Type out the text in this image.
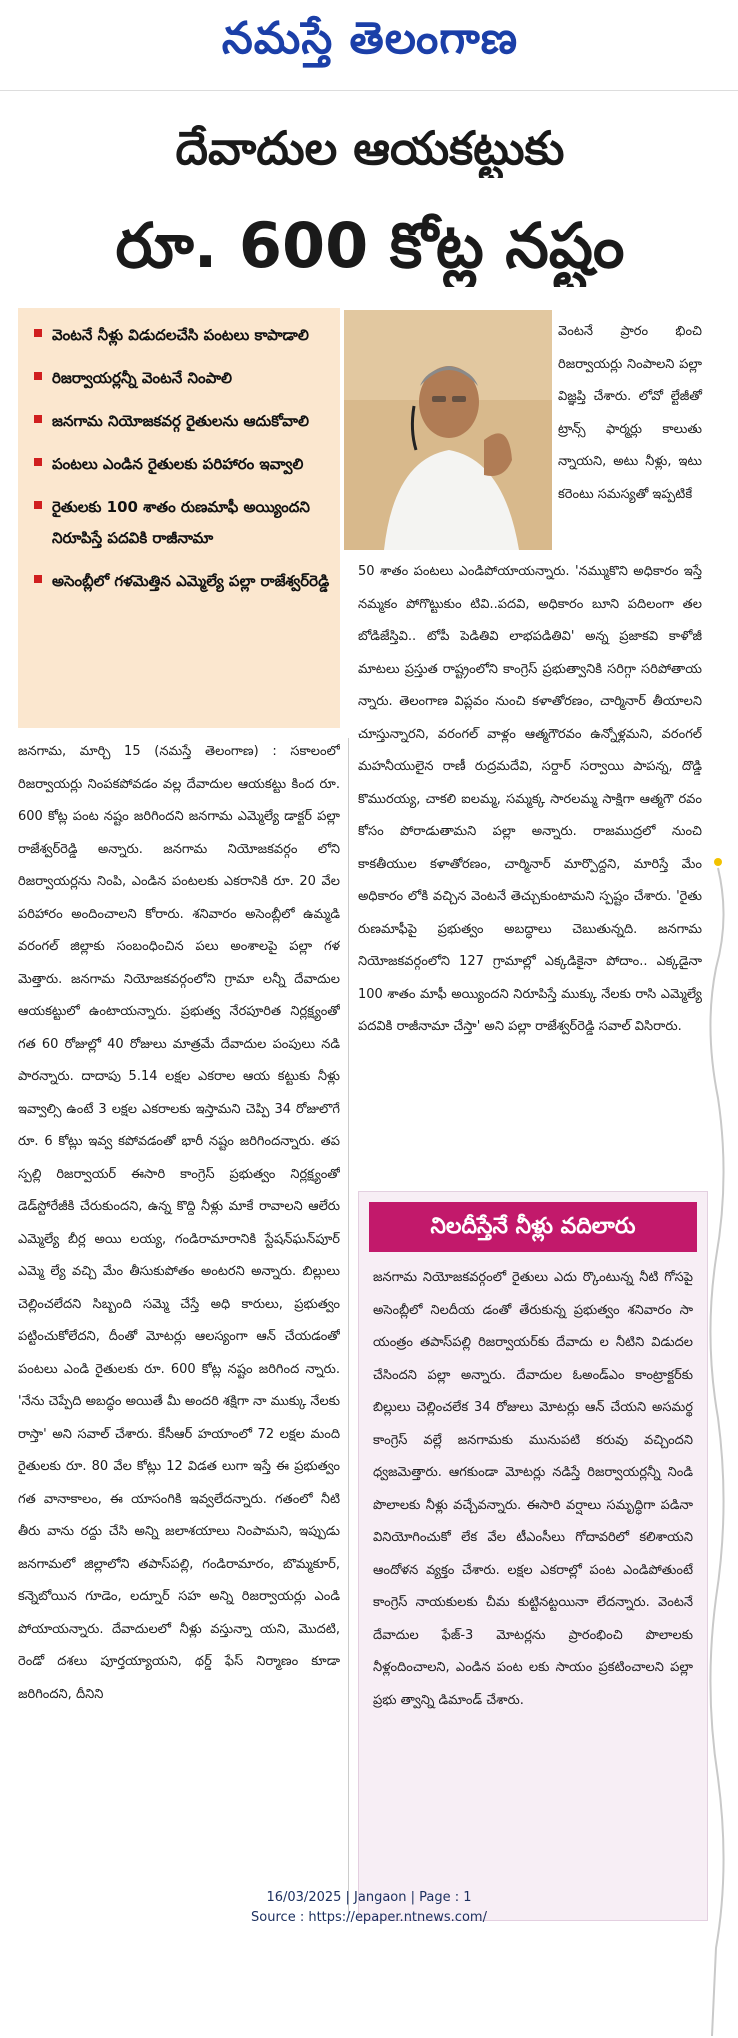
నమస్తే తెలంగాణ
దేవాదుల ఆయకట్టుకు
రూ. 600 కోట్ల నష్టం
వెంటనే నీళ్లు విడుదలచేసి పంటలు కాపాడాలి
రిజర్వాయర్లన్నీ వెంటనే నింపాలి
జనగామ నియోజకవర్గ రైతులను ఆదుకోవాలి
పంటలు ఎండిన రైతులకు పరిహారం ఇవ్వాలి
రైతులకు 100 శాతం రుణమాఫీ అయ్యిందని నిరూపిస్తే పదవికి రాజీనామా
అసెంబ్లీలో గళమెత్తిన ఎమ్మెల్యే పల్లా రాజేశ్వర్‌రెడ్డి
వెంటనే ప్రారం భించి రిజర్వాయర్లు నింపాలని పల్లా విజ్ఞప్తి చేశారు. లోవో ల్టేజీతో ట్రాన్స్ ఫార్మర్లు కాలుతు న్నాయని, అటు నీళ్లు, ఇటు కరెంటు సమస్యతో ఇప్పటికే
జనగామ, మార్చి 15 (నమస్తే తెలంగాణ) : సకాలంలో రిజర్వాయర్లు నింపకపోవడం వల్ల దేవాదుల ఆయకట్టు కింద రూ. 600 కోట్ల పంట నష్టం జరిగిందని జనగామ ఎమ్మెల్యే డాక్టర్ పల్లా రాజేశ్వర్‌రెడ్డి అన్నారు. జనగామ నియోజకవర్గం లోని రిజర్వాయర్లను నింపి, ఎండిన పంటలకు ఎకరానికి రూ. 20 వేల పరిహారం అందించాలని కోరారు. శనివారం అసెంబ్లీలో ఉమ్మడి వరంగల్ జిల్లాకు సంబంధించిన పలు అంశాలపై పల్లా గళ మెత్తారు. జనగామ నియోజకవర్గంలోని గ్రామా లన్నీ దేవాదుల ఆయకట్టులో ఉంటాయన్నారు. ప్రభుత్వ నేరపూరిత నిర్లక్ష్యంతో గత 60 రోజుల్లో 40 రోజులు మాత్రమే దేవాదుల పంపులు నడి పారన్నారు. దాదాపు 5.14 లక్షల ఎకరాల ఆయ కట్టుకు నీళ్లు ఇవ్వాల్సి ఉంటే 3 లక్షల ఎకరాలకు ఇస్తామని చెప్పి 34 రోజులొగే రూ. 6 కోట్లు ఇవ్వ కపోవడంతో భారీ నష్టం జరిగిందన్నారు. తప స్పల్లి రిజర్వాయర్ ఈసారి కాంగ్రెస్ ప్రభుత్వం నిర్లక్ష్యంతో డెడ్‌స్టోరేజీకి చేరుకుందని, ఉన్న కొద్ది నీళ్లు మాకే రావాలని ఆలేరు ఎమ్మెల్యే బీర్ల అయి లయ్య, గండిరామారానికి స్టేషన్‌ఘన్‌పూర్ ఎమ్మె ల్యే వచ్చి మేం తీసుకుపోతం అంటరని అన్నారు. బిల్లులు చెల్లించలేదని సిబ్బంది సమ్మె చేస్తే అధి కారులు, ప్రభుత్వం పట్టించుకోలేదని, దీంతో మోటర్లు ఆలస్యంగా ఆన్ చేయడంతో పంటలు ఎండి రైతులకు రూ. 600 కోట్ల నష్టం జరిగింద న్నారు. 'నేను చెప్పేది అబద్ధం అయితే మీ అందరి శక్షిగా నా ముక్కు నేలకు రాస్తా' అని సవాల్ చేశారు. కేసీఆర్ హయాంలో 72 లక్షల మంది రైతులకు రూ. 80 వేల కోట్లు 12 విడత లుగా ఇస్తే ఈ ప్రభుత్వం గత వానాకాలం, ఈ యాసంగికి ఇవ్వలేదన్నారు. గతంలో నీటి తీరు వాను రద్దు చేసి అన్ని జలాశయాలు నింపామని, ఇప్పుడు జనగామలో జిల్లాలోని తపాస్‌పల్లి, గండిరామారం, బొమ్మకూర్, కన్నెబోయిన గూడెం, లద్నూర్ సహ అన్ని రిజర్వాయర్లు ఎండి పోయాయన్నారు. దేవాదులలో నీళ్లు వస్తున్నా యని, మొదటి, రెండో దశలు పూర్తయ్యాయని, థర్డ్ ఫేస్ నిర్మాణం కూడా జరిగిందని, దీనిని
50 శాతం పంటలు ఎండిపోయాయన్నారు. 'నమ్ముకొని అధికారం ఇస్తే నమ్మకం పోగొట్టుకుం టివి..పదవి, అధికారం బూని పదిలంగా తల బోడిజేస్తివి.. టోపీ పెడితివి లాభపడితివి' అన్న ప్రజాకవి కాళోజీ మాటలు ప్రస్తుత రాష్ట్రంలోని కాంగ్రెస్ ప్రభుత్వానికి సరిగ్గా సరిపోతాయ న్నారు. తెలంగాణ విప్లవం నుంచి కళాతోరణం, చార్మినార్ తీయాలని చూస్తున్నారని, వరంగల్ వాళ్లం ఆత్మగౌరవం ఉన్నోళ్లమని, వరంగల్ మహనీయులైన రాణీ రుద్రమదేవి, సర్దార్ సర్వాయి పాపన్న, దొడ్డి కొమురయ్య, చాకలి ఐలమ్మ, సమ్మక్క సారలమ్మ సాక్షిగా ఆత్మగౌ రవం కోసం పోరాడుతామని పల్లా అన్నారు. రాజముద్రలో నుంచి కాకతీయుల కళాతోరణం, చార్మినార్ మార్పొద్దని, మారిస్తే మేం అధికారం లోకి వచ్చిన వెంటనే తెచ్చుకుంటామని స్పష్టం చేశారు. 'రైతు రుణమాఫీపై ప్రభుత్వం అబద్ధాలు చెబుతున్నది. జనగామ నియోజకవర్గంలోని 127 గ్రామాల్లో ఎక్కడికైనా పోదాం.. ఎక్కడైనా 100 శాతం మాఫీ అయ్యిందని నిరూపిస్తే ముక్కు నేలకు రాసి ఎమ్మెల్యే పదవికి రాజీనామా చేస్తా' అని పల్లా రాజేశ్వర్‌రెడ్డి సవాల్ విసిరారు.
నిలదీస్తేనే నీళ్లు వదిలారు
జనగామ నియోజకవర్గంలో రైతులు ఎదు ర్కొంటున్న నీటి గోసపై అసెంబ్లీలో నిలదీయ డంతో తేరుకున్న ప్రభుత్వం శనివారం సా యంత్రం తపాస్‌పల్లి రిజర్వాయర్‌కు దేవాదు ల నీటిని విడుదల చేసిందని పల్లా అన్నారు. దేవాదుల ఓఅండ్‌ఎం కాంట్రాక్టర్‌కు బిల్లులు చెల్లించలేక 34 రోజులు మోటర్లు ఆన్ చేయని అసమర్థ కాంగ్రెస్ వల్లే జనగామకు మునుపటి కరువు వచ్చిందని ధ్వజమెత్తారు. ఆగకుండా మోటర్లు నడిస్తే రిజర్వాయర్లన్నీ నిండి పొలాలకు నీళ్లు వచ్చేవన్నారు. ఈసారి వర్షాలు సమృద్ధిగా పడినా వినియోగించుకో లేక వేల టీఎంసీలు గోదావరిలో కలిశాయని ఆందోళన వ్యక్తం చేశారు. లక్షల ఎకరాల్లో పంట ఎండిపోతుంటే కాంగ్రెస్ నాయకులకు చీమ కుట్టినట్టయినా లేదన్నారు. వెంటనే దేవాదుల ఫేజ్-3 మోటర్లను ప్రారంభించి పొలాలకు నీళ్లందించాలని, ఎండిన పంట లకు సాయం ప్రకటించాలని పల్లా ప్రభు త్వాన్ని డిమాండ్ చేశారు.
16/03/2025 | Jangaon | Page : 1
Source : https://epaper.ntnews.com/
